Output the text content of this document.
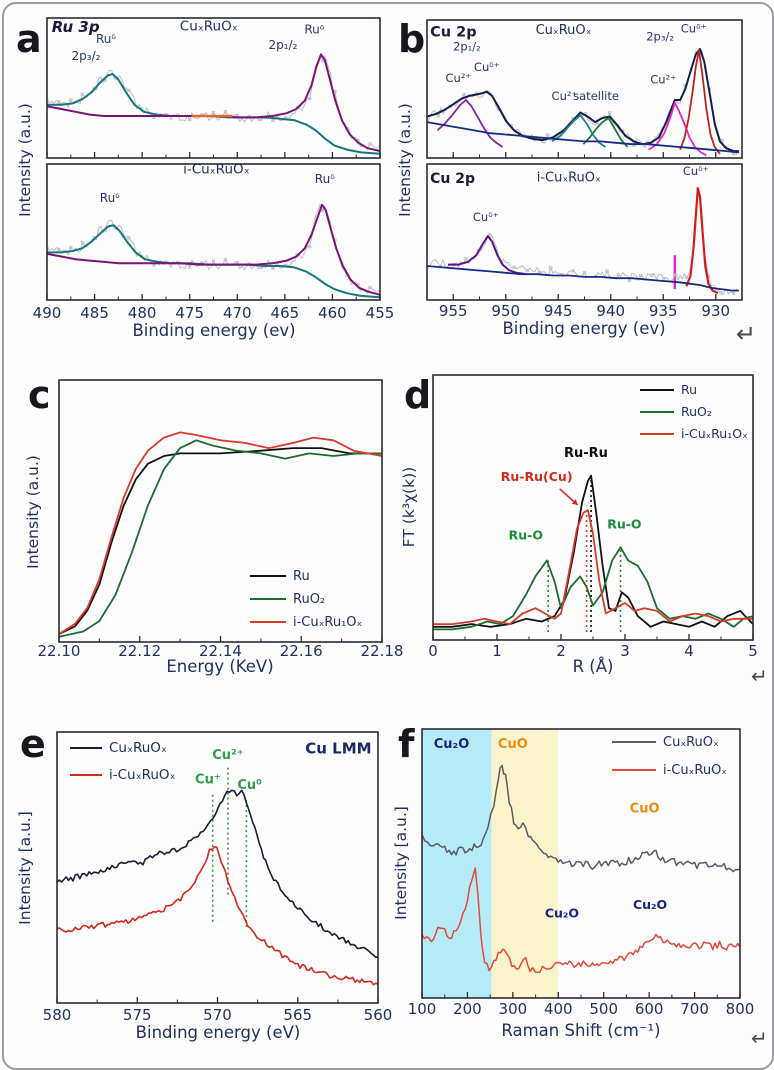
a
Intensity (a.u.)
Ru 3p	CuₓRuOₓ
2p₃/₂
Ruᵟ	2p₁/₂
Ruᵟ
i-CuₓRuOₓ
Ruᵟ
Ruᵟ
490 485 480 475 470 465 460 455
Binding energy (ev)
b
Intensity (a.u.)
Cu 2p	CuₓRuOₓ
2p₁/₂
Cu²⁺
Cuᵟ⁺
Cu²⁺
satellite
2p₃/₂
Cuᵟ⁺
Cu²⁺
Cu 2p	i-CuₓRuOₓ
Cuᵟ⁺
Cuᵟ⁺
955 950 945 940 935 930
Binding energy (ev)
c
Intensity (a.u.)
Ru
RuO₂
i-CuₓRu₁Oₓ
22.10	22.12	22.14	22.16	22.18
Energy (KeV)
d
FT (k³χ(k))
Ru-Ru
Ru-Ru(Cu)
Ru-O
Ru-O
Ru
RuO₂
i-CuₓRu₁Oₓ
0	1	2	3	4	5
R (Å)
e
Intensity [a.u.]
Cu⁺
Cu²⁺
Cu⁰
Cu LMM
CuₓRuOₓ
i-CuₓRuOₓ
580	575	570	565	560
Binding energy (eV)
f
Intensity [a.u.]
Cu₂O CuO
CuO
Cu₂O
Cu₂O
CuₓRuOₓ
i-CuₓRuOₓ
100 200 300 400 500 600 700 800
Raman Shift (cm⁻¹)
↵
↵
↵
